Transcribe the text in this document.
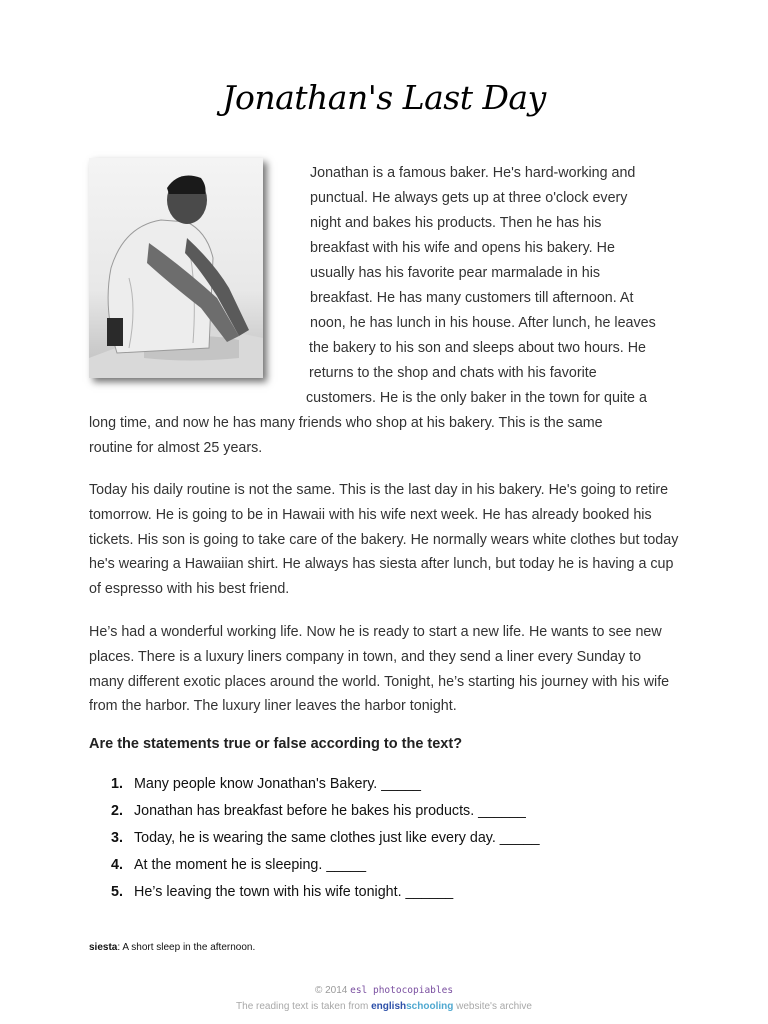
Jonathan's Last Day
Jonathan is a famous baker. He's hard-working and
punctual. He always gets up at three o'clock every
night and bakes his products. Then he has his
breakfast with his wife and opens his bakery. He
usually has his favorite pear marmalade in his
breakfast. He has many customers till afternoon. At
noon, he has lunch in his house. After lunch, he leaves
the bakery to his son and sleeps about two hours. He
returns to the shop and chats with his favorite
customers. He is the only baker in the town for quite a
long time, and now he has many friends who shop at his bakery. This is the same
routine for almost 25 years.
Today his daily routine is not the same. This is the last day in his bakery. He's going to retire tomorrow. He is going to be in Hawaii with his wife next week. He has already booked his tickets. His son is going to take care of the bakery. He normally wears white clothes but today he's wearing a Hawaiian shirt. He always has siesta after lunch, but today he is having a cup of espresso with his best friend.
He’s had a wonderful working life. Now he is ready to start a new life. He wants to see new places. There is a luxury liners company in town, and they send a liner every Sunday to many different exotic places around the world. Tonight, he’s starting his journey with his wife from the harbor. The luxury liner leaves the harbor tonight.
Are the statements true or false according to the text?
1. Many people know Jonathan's Bakery. _____
2. Jonathan has breakfast before he bakes his products. ______
3. Today, he is wearing the same clothes just like every day. _____
4. At the moment he is sleeping. _____
5. He’s leaving the town with his wife tonight. ______
siesta: A short sleep in the afternoon.
© 2014 esl photocopiables
The reading text is taken from englishschooling website's archive
